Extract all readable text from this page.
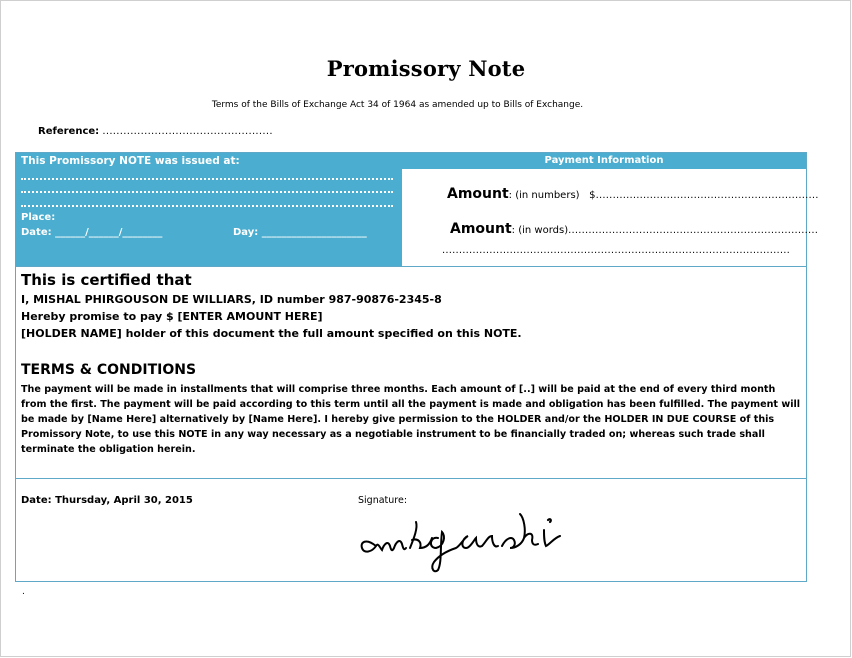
Promissory Note
Terms of the Bills of Exchange Act 34 of 1964 as amended up to Bills of Exchange.
Reference: .................................................
This Promissory NOTE was issued at:
Place:
Date: ______/______/________	Day: _____________________
Payment Information
Amount: (in numbers) $..................................................................
Amount: (in words)..........................................................................
.......................................................................................................
This is certified that
I, MISHAL PHIRGOUSON DE WILLIARS, ID number 987-90876-2345-8
Hereby promise to pay $ [ENTER AMOUNT HERE]
[HOLDER NAME] holder of this document the full amount specified on this NOTE.
TERMS & CONDITIONS
The payment will be made in installments that will comprise three months. Each amount of [..] will be paid at the end of every third month from the first. The payment will be paid according to this term until all the payment is made and obligation has been fulfilled. The payment will be made by [Name Here] alternatively by [Name Here]. I hereby give permission to the HOLDER and/or the HOLDER IN DUE COURSE of this Promissory Note, to use this NOTE in any way necessary as a negotiable instrument to be financially traded on; whereas such trade shall terminate the obligation herein.
Date: Thursday, April 30, 2015	Signature:
.
